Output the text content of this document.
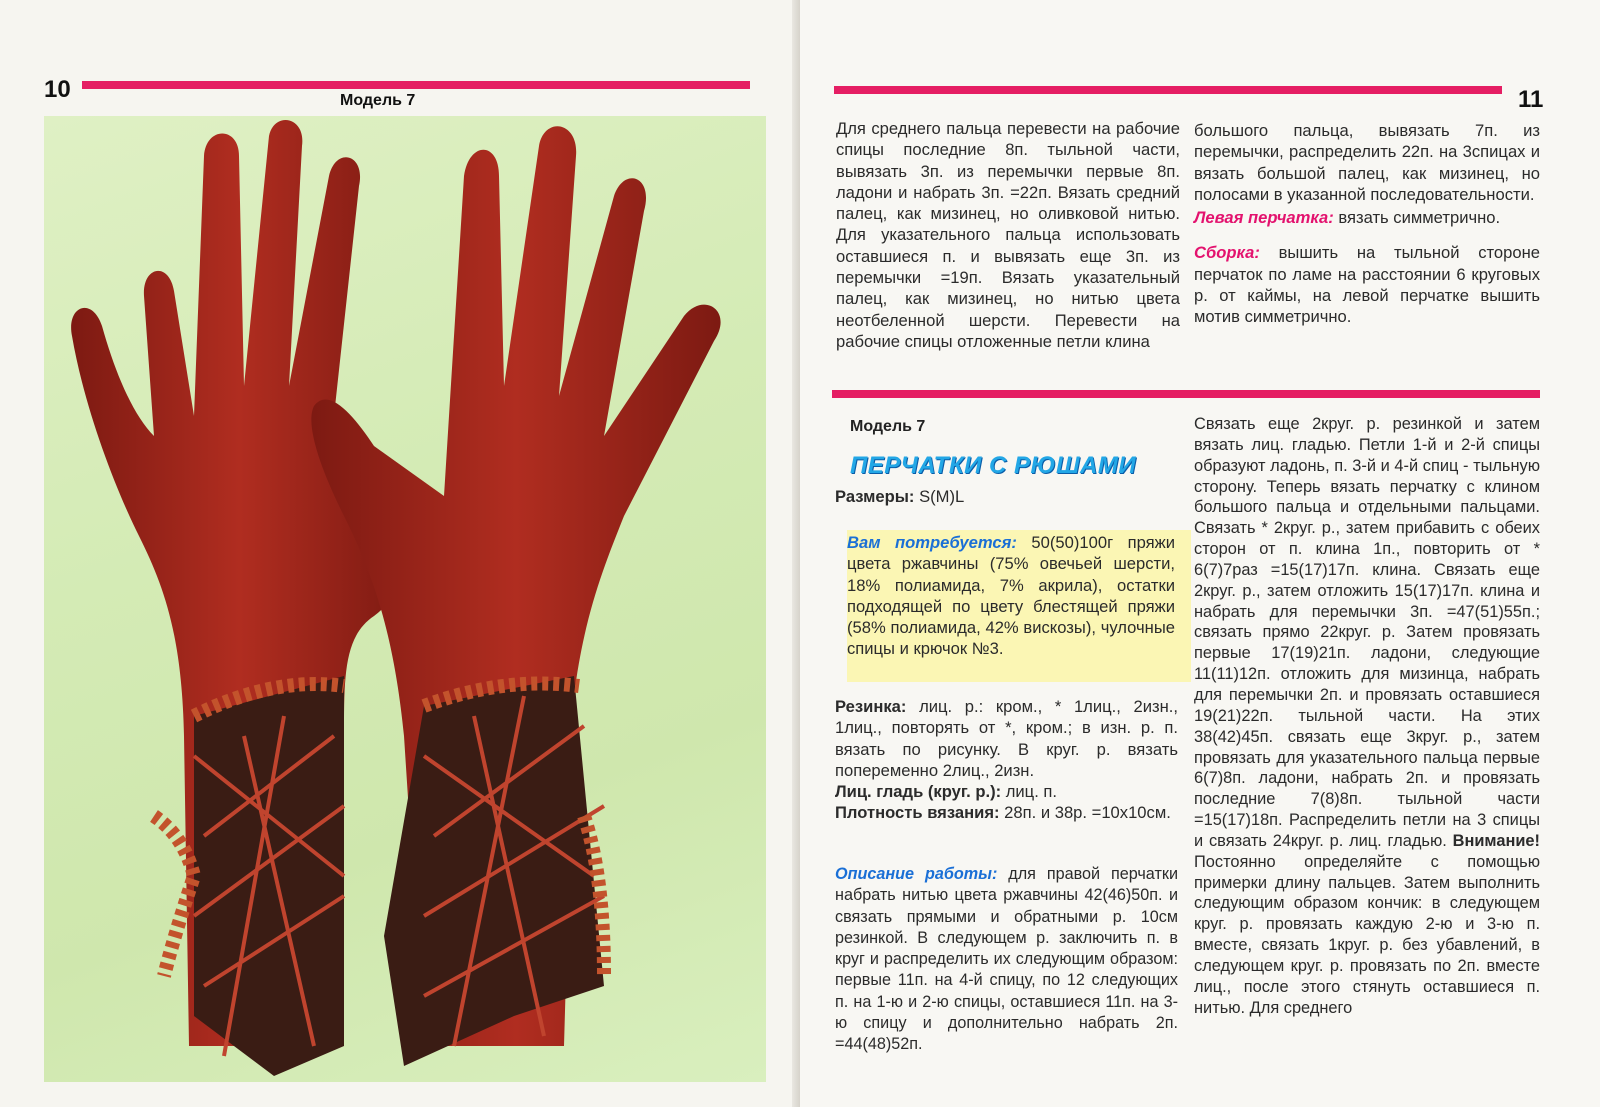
10	Модель 7	11

Для среднего пальца перевести на рабочие спицы последние 8п. тыльной части, вывязать 3п. из перемычки первые 8п. ладони и набрать 3п. =22п. Вязать средний палец, как мизинец, но оливковой нитью. Для указательного пальца использовать оставшиеся п. и вывязать еще 3п. из перемычки =19п. Вязать указательный палец, как мизинец, но нитью цвета неотбеленной шерсти. Перевести на рабочие спицы отложенные петли клина

большого пальца, вывязать 7п. из перемычки, распределить 22п. на 3спицах и вязать большой палец, как мизинец, но полосами в указанной последовательности.

Левая перчатка: вязать симметрично.

Сборка: вышить на тыльной стороне перчаток по ламе на расстоянии 6 круговых р. от каймы, на левой перчатке вышить мотив симметрично.

Модель 7
ПЕРЧАТКИ С РЮШАМИ

Размеры: S(M)L

Вам потребуется: 50(50)100г пряжи цвета ржавчины (75% овечьей шерсти, 18% полиамида, 7% акрила), остатки подходящей по цвету блестящей пряжи (58% полиамида, 42% вискозы), чулочные спицы и крючок №3.

Резинка: лиц. р.: кром., * 1лиц., 2изн., 1лиц., повторять от *, кром.; в изн. р. п. вязать по рисунку. В круг. р. вязать попеременно 2лиц., 2изн.

Лиц. гладь (круг. р.): лиц. п.

Плотность вязания: 28п. и 38р. =10x10см.

Описание работы: для правой перчатки набрать нитью цвета ржавчины 42(46)50п. и связать прямыми и обратными р. 10см резинкой. В следующем р. заключить п. в круг и распределить их следующим образом: первые 11п. на 4-й спицу, по 12 следующих п. на 1-ю и 2-ю спицы, оставшиеся 11п. на 3-ю спицу и дополнительно набрать 2п. =44(48)52п.

Связать еще 2круг. р. резинкой и затем вязать лиц. гладью. Петли 1-й и 2-й спицы образуют ладонь, п. 3-й и 4-й спиц - тыльную сторону. Теперь вязать перчатку с клином большого пальца и отдельными пальцами. Связать * 2круг. р., затем прибавить с обеих сторон от п. клина 1п., повторить от * 6(7)7раз =15(17)17п. клина. Связать еще 2круг. р., затем отложить 15(17)17п. клина и набрать для перемычки 3п. =47(51)55п.; связать прямо 22круг. р. Затем провязать первые 17(19)21п. ладони, следующие 11(11)12п. отложить для мизинца, набрать для перемычки 2п. и провязать оставшиеся 19(21)22п. тыльной части. На этих 38(42)45п. связать еще 3круг. р., затем провязать для указательного пальца первые 6(7)8п. ладони, набрать 2п. и провязать последние 7(8)8п. тыльной части =15(17)18п. Распределить петли на 3 спицы и связать 24круг. р. лиц. гладью. Внимание! Постоянно определяйте с помощью примерки длину пальцев. Затем выполнить следующим образом кончик: в следующем круг. р. провязать каждую 2-ю и 3-ю п. вместе, связать 1круг. р. без убавлений, в следующем круг. р. провязать по 2п. вместе лиц., после этого стянуть оставшиеся п. нитью. Для среднего
